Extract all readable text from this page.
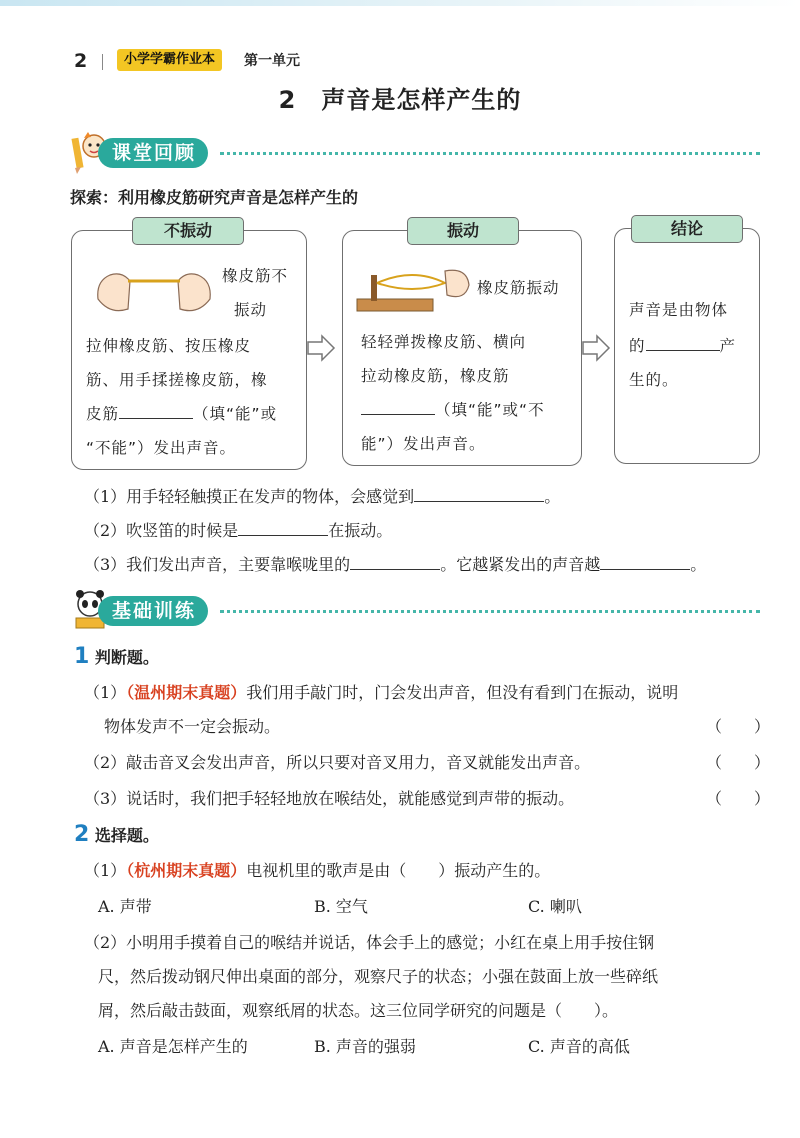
2	小学学霸作业本	第一单元
2　声音是怎样产生的
课堂回顾
探索：利用橡皮筋研究声音是怎样产生的
不振动
橡皮筋不
振动
拉伸橡皮筋、按压橡皮
筋、用手揉搓橡皮筋，橡
皮筋	（填“能”或
“不能”）发出声音。
振动
橡皮筋振动
轻轻弹拨橡皮筋、横向
拉动橡皮筋，橡皮筋
（填“能”或“不
能”）发出声音。
结论
声音是由物体
的	产
生的。
（1）用手轻轻触摸正在发声的物体，会感觉到	。
（2）吹竖笛的时候是	在振动。
（3）我们发出声音，主要靠喉咙里的	。它越紧发出的声音越	。
基础训练
1 判断题。
（1）（温州期末真题）我们用手敲门时，门会发出声音，但没有看到门在振动，说明
物体发声不一定会振动。	（　　）
（2）敲击音叉会发出声音，所以只要对音叉用力，音叉就能发出声音。	（　　）
（3）说话时，我们把手轻轻地放在喉结处，就能感觉到声带的振动。	（　　）
2 选择题。
（1）（杭州期末真题）电视机里的歌声是由（　　）振动产生的。
A. 声带	B. 空气	C. 喇叭
（2）小明用手摸着自己的喉结并说话，体会手上的感觉；小红在桌上用手按住钢
尺，然后拨动钢尺伸出桌面的部分，观察尺子的状态；小强在鼓面上放一些碎纸
屑，然后敲击鼓面，观察纸屑的状态。这三位同学研究的问题是（　　）。
A. 声音是怎样产生的	B. 声音的强弱	C. 声音的高低
